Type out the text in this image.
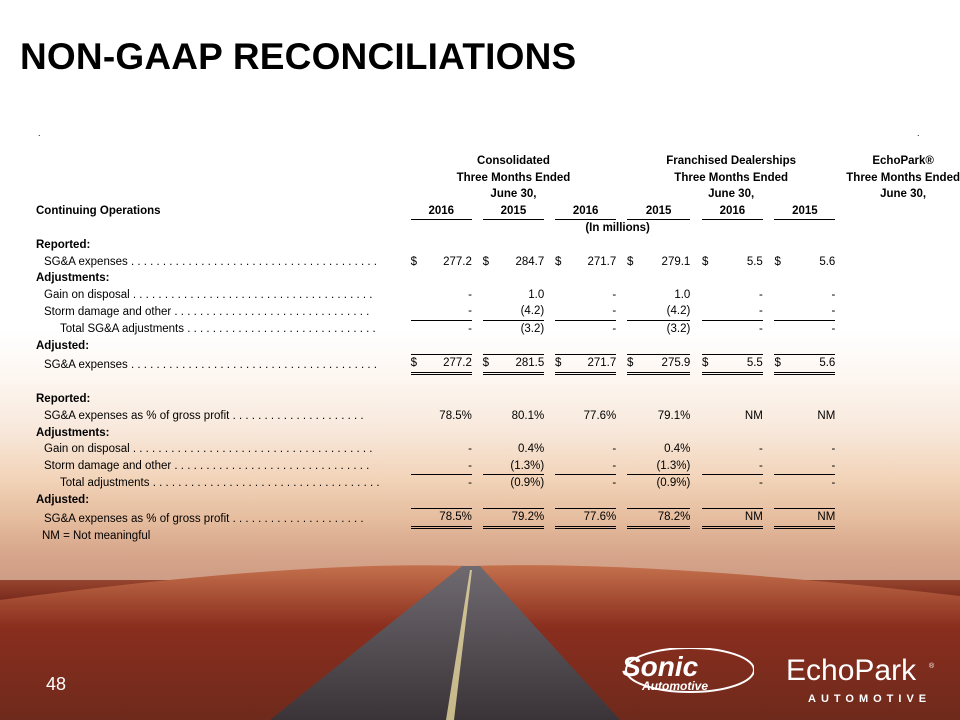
NON-GAAP RECONCILIATIONS
.	.
		Consolidated									Franchised Dealerships									EchoPark®
		Three Months Ended									Three Months Ended									Three Months Ended
		June 30,									June 30,									June 30,
Continuing Operations		2016			2015			2016			2015			2016			2015			
	(In millions)																			
Reported:																				
SG&A expenses . . . . . . . . . . . . . . . . . . . . . . . . . . . . . . . . . . . . . . .		$	277.2		$	284.7		$	271.7		$	279.1		$	5.5		$	5.6		
Adjustments:																				
Gain on disposal . . . . . . . . . . . . . . . . . . . . . . . . . . . . . . . . . . . . . .			-			1.0			-			1.0			-			-		
Storm damage and other . . . . . . . . . . . . . . . . . . . . . . . . . . . . . . .			-			(4.2)			-			(4.2)			-			-		
Total SG&A adjustments . . . . . . . . . . . . . . . . . . . . . . . . . . . . . .			-			(3.2)			-			(3.2)			-			-		
Adjusted:																				
SG&A expenses . . . . . . . . . . . . . . . . . . . . . . . . . . . . . . . . . . . . . . .		$	277.2		$	281.5		$	271.7		$	275.9		$	5.5		$	5.6		

Reported:																				
SG&A expenses as % of gross profit . . . . . . . . . . . . . . . . . . . . .			78.5%			80.1%			77.6%			79.1%			NM			NM		
Adjustments:																				
Gain on disposal . . . . . . . . . . . . . . . . . . . . . . . . . . . . . . . . . . . . . .			-			0.4%			-			0.4%			-			-		
Storm damage and other . . . . . . . . . . . . . . . . . . . . . . . . . . . . . . .			-			(1.3%)			-			(1.3%)			-			-		
Total adjustments . . . . . . . . . . . . . . . . . . . . . . . . . . . . . . . . . . . .			-			(0.9%)			-			(0.9%)			-			-		
Adjusted:																				
SG&A expenses as % of gross profit . . . . . . . . . . . . . . . . . . . . .			78.5%			79.2%			77.6%			78.2%			NM			NM		
NM = Not meaningful
48
Sonic
Automotive	EchoPark ®
AUTOMOTIVE
